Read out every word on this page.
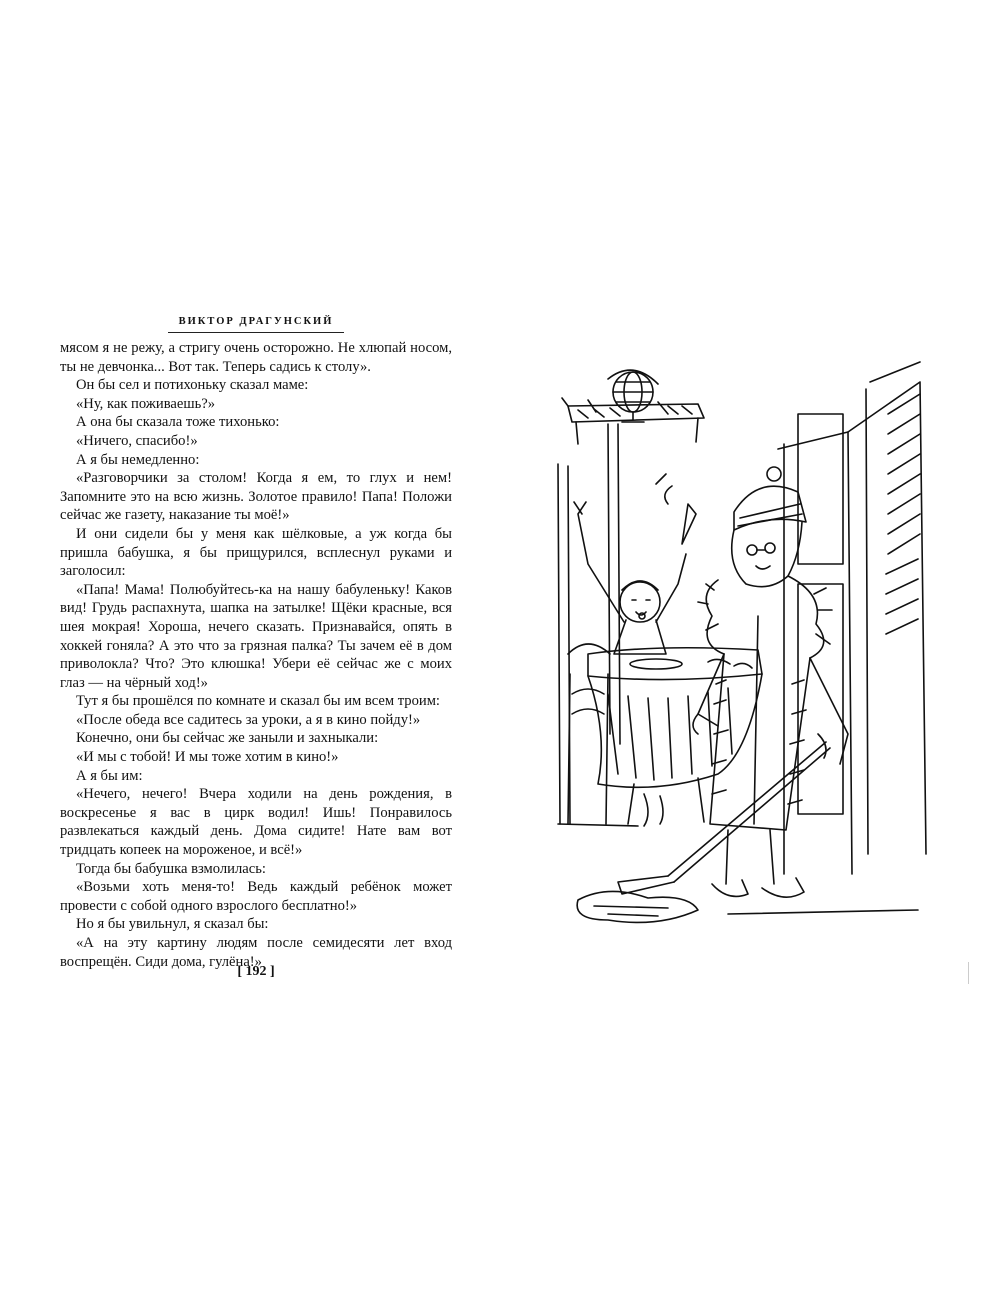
ВИКТОР ДРАГУНСКИЙ

мясом я не режу, а стригу очень осторожно. Не хлюпай носом, ты не девчонка... Вот так. Теперь садись к столу».

Он бы сел и потихоньку сказал маме:

«Ну, как поживаешь?»

А она бы сказала тоже тихонько:

«Ничего, спасибо!»

А я бы немедленно:

«Разговорчики за столом! Когда я ем, то глух и нем! Запомните это на всю жизнь. Золотое правило! Папа! Положи сейчас же газету, наказание ты моё!»

И они сидели бы у меня как шёлковые, а уж когда бы пришла бабушка, я бы прищурился, всплеснул руками и заголосил:

«Папа! Мама! Полюбуйтесь-ка на нашу бабуленьку! Каков вид! Грудь распахнута, шапка на затылке! Щёки красные, вся шея мокрая! Хороша, нечего сказать. Признавайся, опять в хоккей гоняла? А это что за грязная палка? Ты зачем её в дом приволокла? Что? Это клюшка! Убери её сейчас же с моих глаз — на чёрный ход!»

Тут я бы прошёлся по комнате и сказал бы им всем троим:

«После обеда все садитесь за уроки, а я в кино пойду!»

Конечно, они бы сейчас же заныли и захныкали:

«И мы с тобой! И мы тоже хотим в кино!»

А я бы им:

«Нечего, нечего! Вчера ходили на день рождения, в воскресенье я вас в цирк водил! Ишь! Понравилось развлекаться каждый день. Дома сидите! Нате вам вот тридцать копеек на мороженое, и всё!»

Тогда бы бабушка взмолилась:

«Возьми хоть меня-то! Ведь каждый ребёнок может провести с собой одного взрослого бесплатно!»

Но я бы увильнул, я сказал бы:

«А на эту картину людям после семидесяти лет вход воспрещён. Сиди дома, гулёна!»

[ 192 ]
